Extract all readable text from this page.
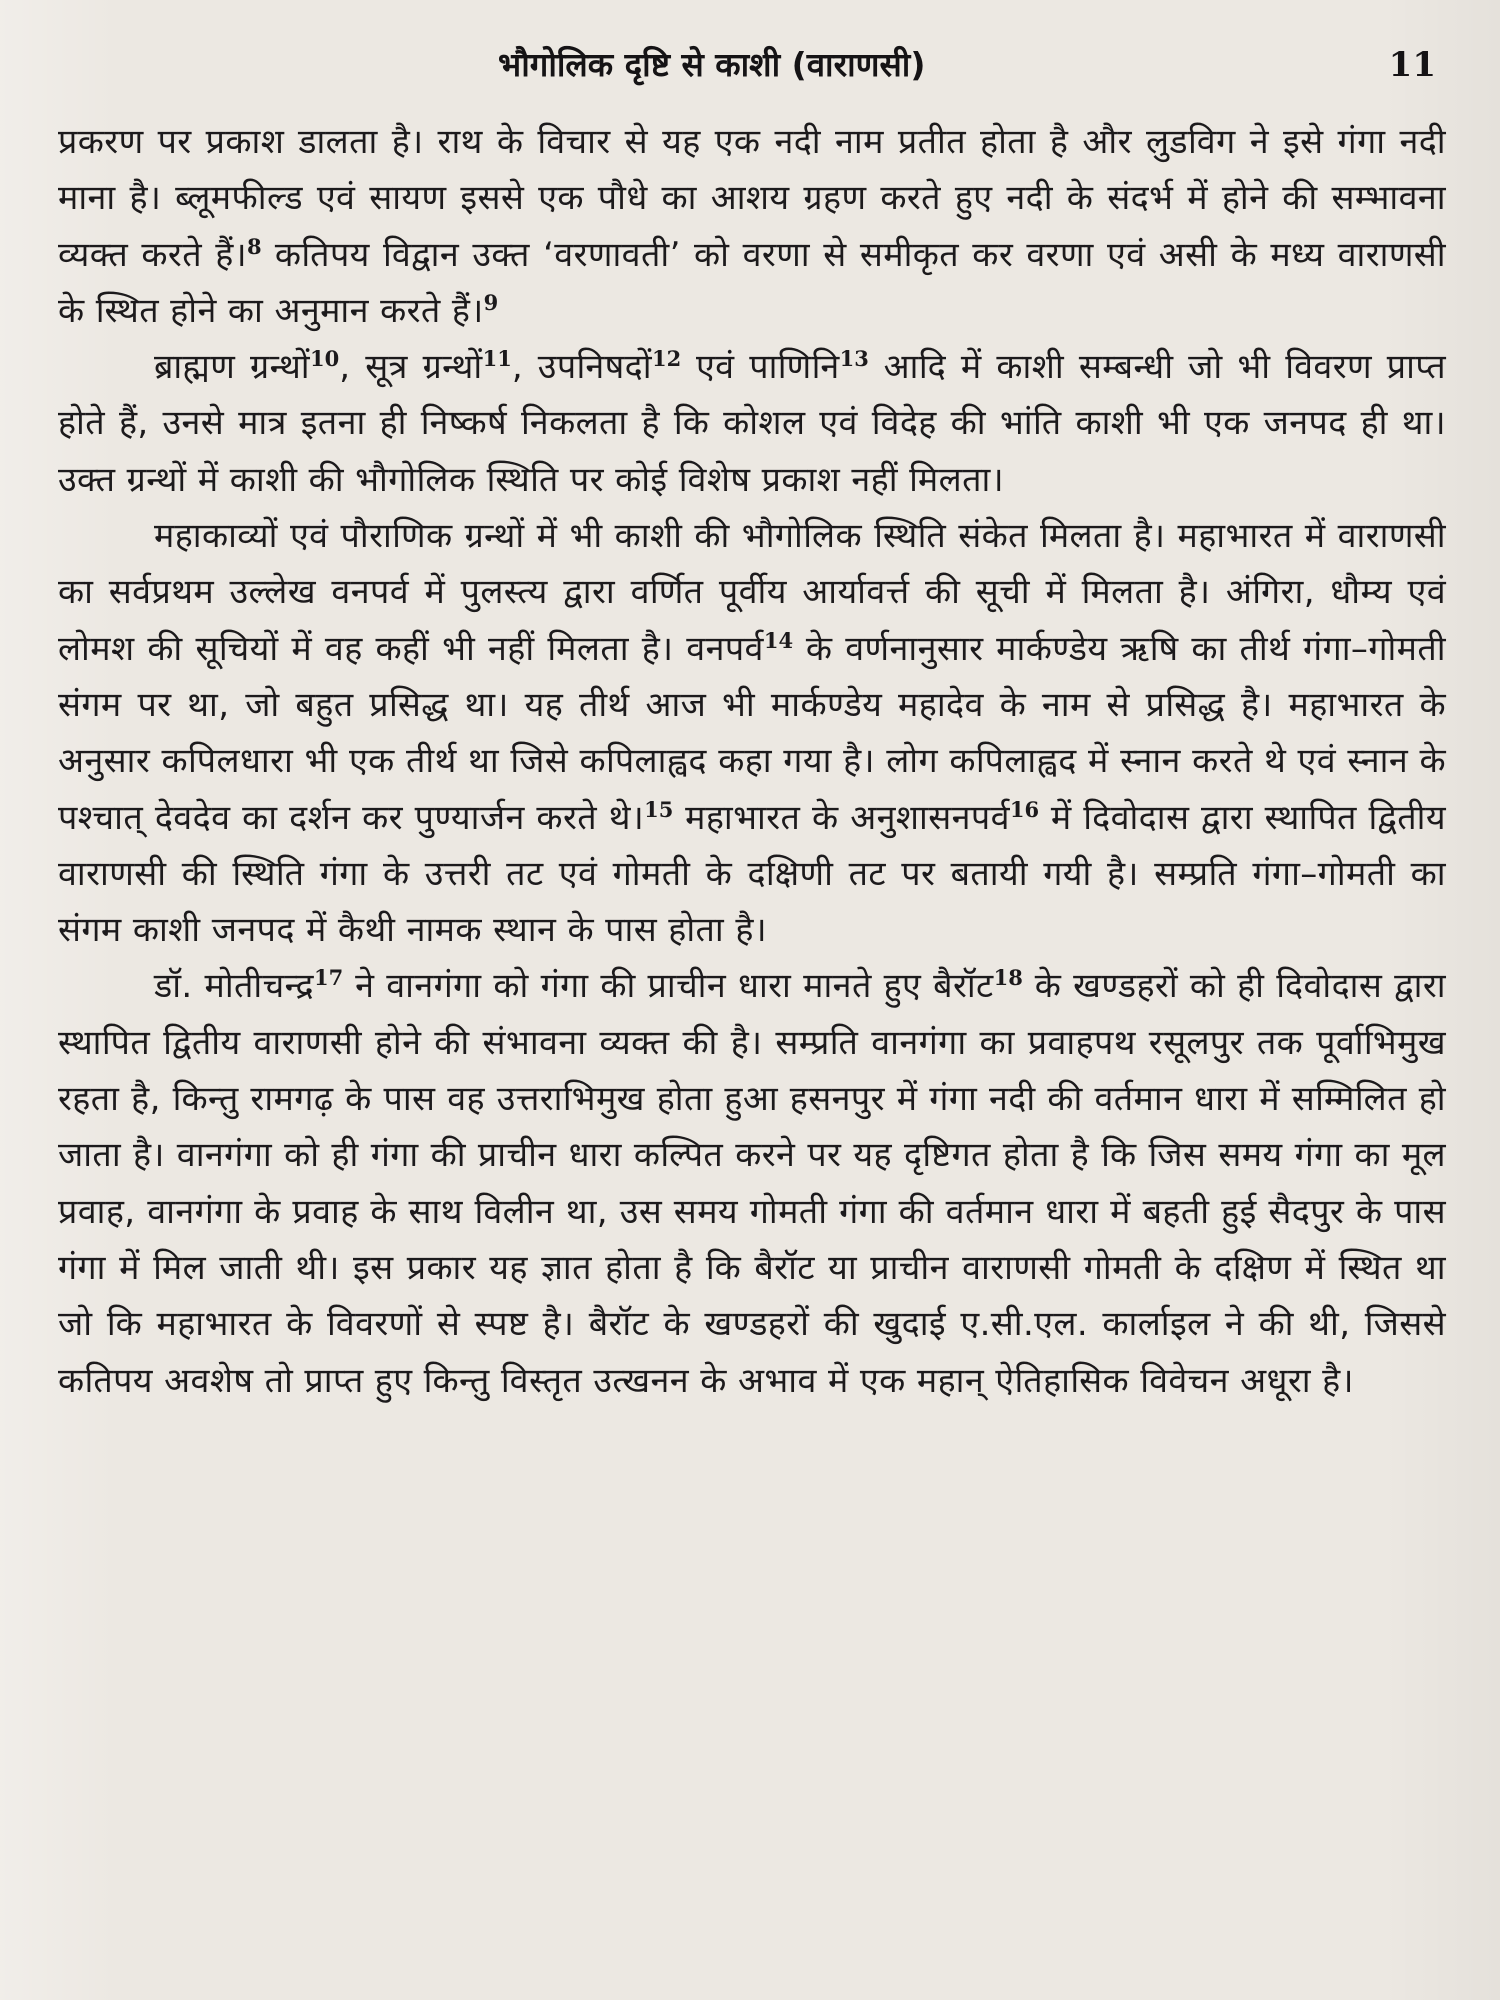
भौगोलिक दृष्टि से काशी (वाराणसी)	11

प्रकरण पर प्रकाश डालता है। राथ के विचार से यह एक नदी नाम प्रतीत होता है और लुडविग ने इसे गंगा नदी माना है। ब्लूमफील्ड एवं सायण इससे एक पौधे का आशय ग्रहण करते हुए नदी के संदर्भ में होने की सम्भावना व्यक्त करते हैं।$^8$ कतिपय विद्वान उक्त ‘वरणावती’ को वरणा से समीकृत कर वरणा एवं असी के मध्य वाराणसी के स्थित होने का अनुमान करते हैं।$^9$

ब्राह्मण ग्रन्थों$^{10}$, सूत्र ग्रन्थों$^{11}$, उपनिषदों$^{12}$ एवं पाणिनि$^{13}$ आदि में काशी सम्बन्धी जो भी विवरण प्राप्त होते हैं, उनसे मात्र इतना ही निष्कर्ष निकलता है कि कोशल एवं विदेह की भांति काशी भी एक जनपद ही था। उक्त ग्रन्थों में काशी की भौगोलिक स्थिति पर कोई विशेष प्रकाश नहीं मिलता।

महाकाव्यों एवं पौराणिक ग्रन्थों में भी काशी की भौगोलिक स्थिति संकेत मिलता है। महाभारत में वाराणसी का सर्वप्रथम उल्लेख वनपर्व में पुलस्त्य द्वारा वर्णित पूर्वीय आर्यावर्त्त की सूची में मिलता है। अंगिरा, धौम्य एवं लोमश की सूचियों में वह कहीं भी नहीं मिलता है। वनपर्व$^{14}$ के वर्णनानुसार मार्कण्डेय ऋषि का तीर्थ गंगा–गोमती संगम पर था, जो बहुत प्रसिद्ध था। यह तीर्थ आज भी मार्कण्डेय महादेव के नाम से प्रसिद्ध है। महाभारत के अनुसार कपिलधारा भी एक तीर्थ था जिसे कपिलाह्वद कहा गया है। लोग कपिलाह्वद में स्नान करते थे एवं स्नान के पश्चात् देवदेव का दर्शन कर पुण्यार्जन करते थे।$^{15}$ महाभारत के अनुशासनपर्व$^{16}$ में दिवोदास द्वारा स्थापित द्वितीय वाराणसी की स्थिति गंगा के उत्तरी तट एवं गोमती के दक्षिणी तट पर बतायी गयी है। सम्प्रति गंगा–गोमती का संगम काशी जनपद में कैथी नामक स्थान के पास होता है।

डॉ. मोतीचन्द्र$^{17}$ ने वानगंगा को गंगा की प्राचीन धारा मानते हुए बैरॉट$^{18}$ के खण्डहरों को ही दिवोदास द्वारा स्थापित द्वितीय वाराणसी होने की संभावना व्यक्त की है। सम्प्रति वानगंगा का प्रवाहपथ रसूलपुर तक पूर्वाभिमुख रहता है, किन्तु रामगढ़ के पास वह उत्तराभिमुख होता हुआ हसनपुर में गंगा नदी की वर्तमान धारा में सम्मिलित हो जाता है। वानगंगा को ही गंगा की प्राचीन धारा कल्पित करने पर यह दृष्टिगत होता है कि जिस समय गंगा का मूल प्रवाह, वानगंगा के प्रवाह के साथ विलीन था, उस समय गोमती गंगा की वर्तमान धारा में बहती हुई सैदपुर के पास गंगा में मिल जाती थी। इस प्रकार यह ज्ञात होता है कि बैरॉट या प्राचीन वाराणसी गोमती के दक्षिण में स्थित था जो कि महाभारत के विवरणों से स्पष्ट है। बैरॉट के खण्डहरों की खुदाई ए.सी.एल. कार्लाइल ने की थी, जिससे कतिपय अवशेष तो प्राप्त हुए किन्तु विस्तृत उत्खनन के अभाव में एक महान् ऐतिहासिक विवेचन अधूरा है।
